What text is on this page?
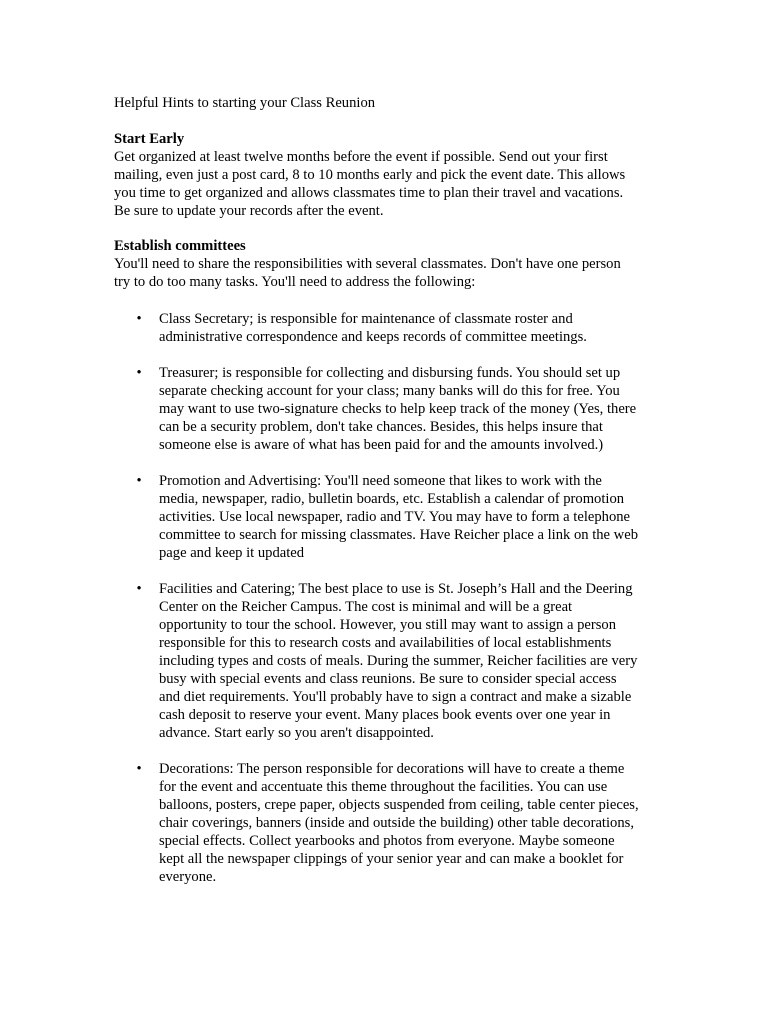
Helpful Hints to starting your Class Reunion
Start Early
Get organized at least twelve months before the event if possible. Send out your first
mailing, even just a post card, 8 to 10 months early and pick the event date. This allows
you time to get organized and allows classmates time to plan their travel and vacations.
Be sure to update your records after the event.
Establish committees
You'll need to share the responsibilities with several classmates. Don't have one person
try to do too many tasks. You'll need to address the following:
• Class Secretary; is responsible for maintenance of classmate roster and
administrative correspondence and keeps records of committee meetings.
• Treasurer; is responsible for collecting and disbursing funds. You should set up
separate checking account for your class; many banks will do this for free. You
may want to use two-signature checks to help keep track of the money (Yes, there
can be a security problem, don't take chances. Besides, this helps insure that
someone else is aware of what has been paid for and the amounts involved.)
• Promotion and Advertising: You'll need someone that likes to work with the
media, newspaper, radio, bulletin boards, etc. Establish a calendar of promotion
activities. Use local newspaper, radio and TV. You may have to form a telephone
committee to search for missing classmates. Have Reicher place a link on the web
page and keep it updated
• Facilities and Catering; The best place to use is St. Joseph’s Hall and the Deering
Center on the Reicher Campus. The cost is minimal and will be a great
opportunity to tour the school. However, you still may want to assign a person
responsible for this to research costs and availabilities of local establishments
including types and costs of meals. During the summer, Reicher facilities are very
busy with special events and class reunions. Be sure to consider special access
and diet requirements. You'll probably have to sign a contract and make a sizable
cash deposit to reserve your event. Many places book events over one year in
advance. Start early so you aren't disappointed.
• Decorations: The person responsible for decorations will have to create a theme
for the event and accentuate this theme throughout the facilities. You can use
balloons, posters, crepe paper, objects suspended from ceiling, table center pieces,
chair coverings, banners (inside and outside the building) other table decorations,
special effects. Collect yearbooks and photos from everyone. Maybe someone
kept all the newspaper clippings of your senior year and can make a booklet for
everyone.
